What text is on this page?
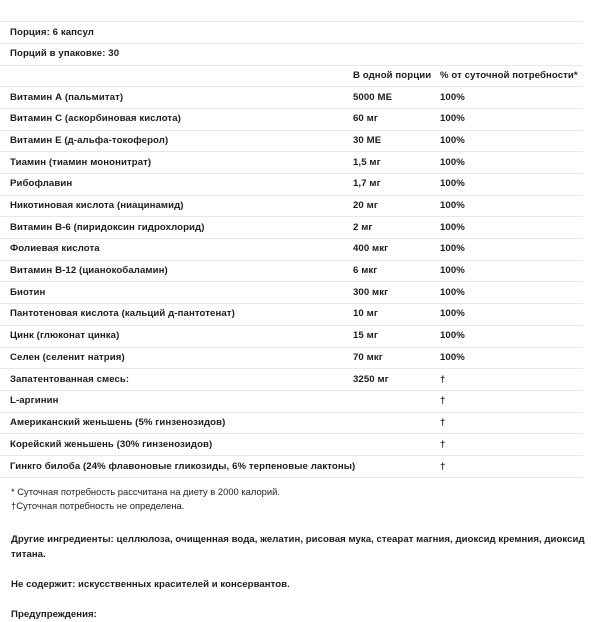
Порция: 6 капсул		
Порций в упаковке: 30		
	В одной порции	% от суточной потребности*
Витамин А (пальмитат)	5000 МЕ	100%
Витамин С (аскорбиновая кислота)	60 мг	100%
Витамин Е (д-альфа-токоферол)	30 МЕ	100%
Тиамин (тиамин мононитрат)	1,5 мг	100%
Рибофлавин	1,7 мг	100%
Никотиновая кислота (ниацинамид)	20 мг	100%
Витамин В-6 (пиридоксин гидрохлорид)	2 мг	100%
Фолиевая кислота	400 мкг	100%
Витамин В-12 (цианокобаламин)	6 мкг	100%
Биотин	300 мкг	100%
Пантотеновая кислота (кальций д-пантотенат)	10 мг	100%
Цинк (глюконат цинка)	15 мг	100%
Селен (селенит натрия)	70 мкг	100%
Запатентованная смесь:	3250 мг	†
L-аргинин		†
Американский женьшень (5% гинзенозидов)		†
Корейский женьшень (30% гинзенозидов)		†
Гинкго билоба (24% флавоновые гликозиды, 6% терпеновые лактоны)		†
* Суточная потребность рассчитана на диету в 2000 калорий.
†Суточная потребность не определена.

Другие ингредиенты: целлюлоза, очищенная вода, желатин, рисовая мука, стеарат магния, диоксид кремния, диоксид титана.

Не содержит: искусственных красителей и консервантов.

Предупреждения:
